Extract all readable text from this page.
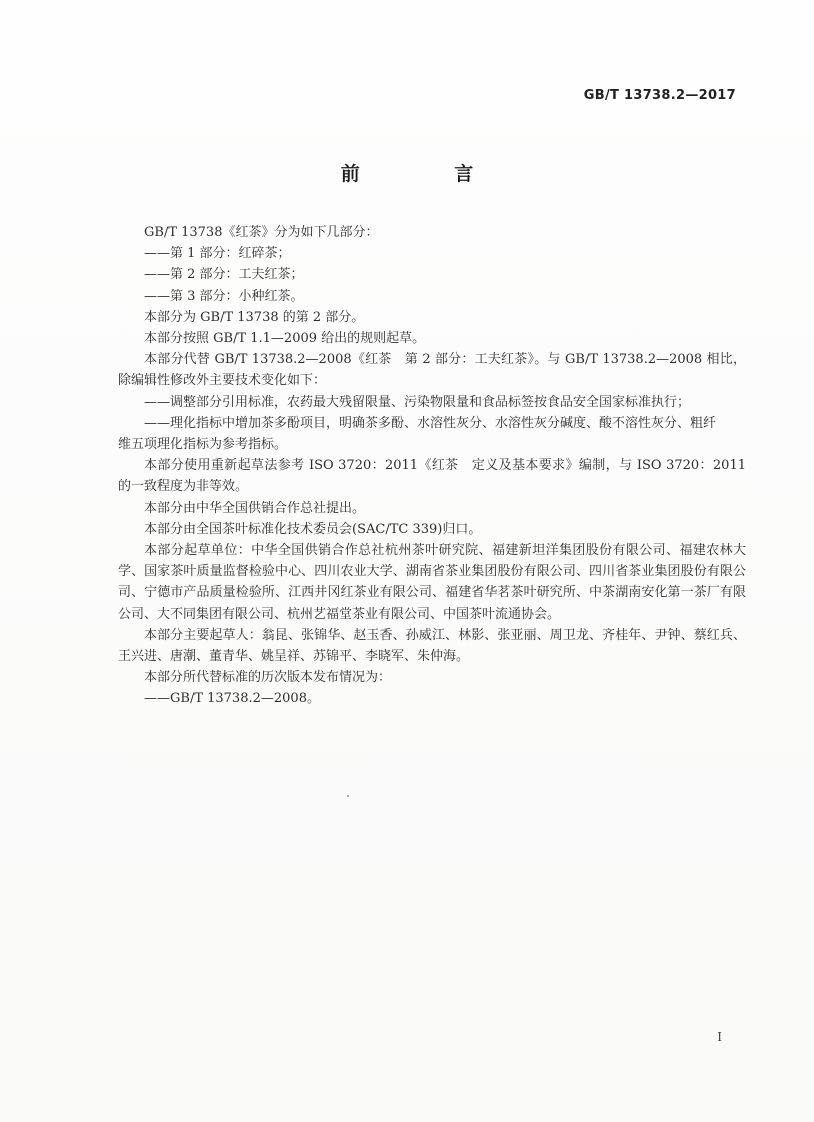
GB/T 13738.2—2017
前 言

GB/T 13738《红茶》分为如下几部分：

——第 1 部分：红碎茶；

——第 2 部分：工夫红茶；

——第 3 部分：小种红茶。

本部分为 GB/T 13738 的第 2 部分。

本部分按照 GB/T 1.1—2009 给出的规则起草。

本部分代替 GB/T 13738.2—2008《红茶　第 2 部分：工夫红茶》。与 GB/T 13738.2—2008 相比，除编辑性修改外主要技术变化如下：

——调整部分引用标准，农药最大残留限量、污染物限量和食品标签按食品安全国家标准执行；

——理化指标中增加茶多酚项目，明确茶多酚、水溶性灰分、水溶性灰分碱度、酸不溶性灰分、粗纤

维五项理化指标为参考指标。

本部分使用重新起草法参考 ISO 3720：2011《红茶　定义及基本要求》编制，与 ISO 3720：2011 的一致程度为非等效。

本部分由中华全国供销合作总社提出。

本部分由全国茶叶标准化技术委员会(SAC/TC 339)归口。

本部分起草单位：中华全国供销合作总社杭州茶叶研究院、福建新坦洋集团股份有限公司、福建农林大学、国家茶叶质量监督检验中心、四川农业大学、湖南省茶业集团股份有限公司、四川省茶业集团股份有限公司、宁德市产品质量检验所、江西井冈红茶业有限公司、福建省华茗茶叶研究所、中茶湖南安化第一茶厂有限公司、大不同集团有限公司、杭州艺福堂茶业有限公司、中国茶叶流通协会。

本部分主要起草人：翁昆、张锦华、赵玉香、孙威江、林影、张亚丽、周卫龙、齐桂年、尹钟、蔡红兵、王兴进、唐潮、董青华、姚呈祥、苏锦平、李晓军、朱仲海。

本部分所代替标准的历次版本发布情况为：

——GB/T 13738.2—2008。

I
